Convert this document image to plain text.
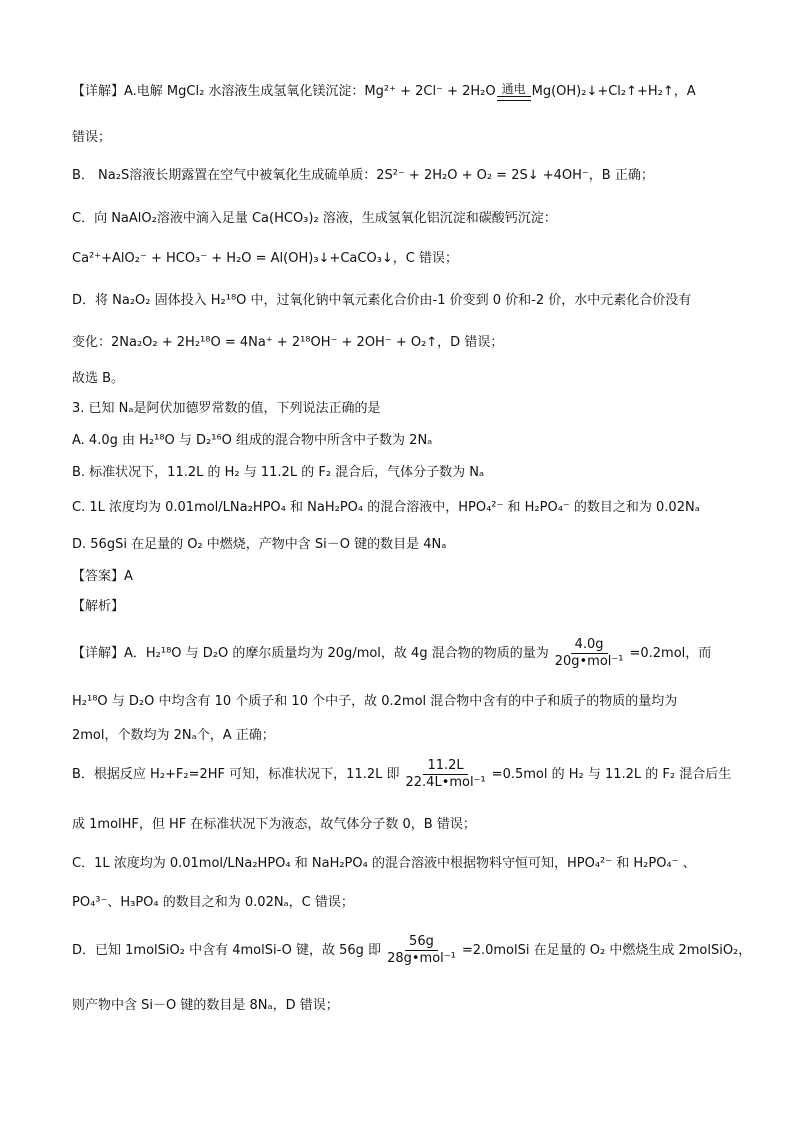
【详解】A.电解 MgCl₂ 水溶液生成氢氧化镁沉淀：Mg²⁺ + 2Cl⁻ + 2H₂O 通电 Mg(OH)₂↓+Cl₂↑+H₂↑，A
错误；
B． Na₂S溶液长期露置在空气中被氧化生成硫单质：2S²⁻ + 2H₂O + O₂ = 2S↓ +4OH⁻，B 正确；
C．向 NaAlO₂溶液中滴入足量 Ca(HCO₃)₂ 溶液，生成氢氧化铝沉淀和碳酸钙沉淀：
Ca²⁺+AlO₂⁻ + HCO₃⁻ + H₂O = Al(OH)₃↓+CaCO₃↓，C 错误；
D．将 Na₂O₂ 固体投入 H₂¹⁸O 中，过氧化钠中氧元素化合价由-1 价变到 0 价和-2 价，水中元素化合价没有
变化：2Na₂O₂ + 2H₂¹⁸O = 4Na⁺ + 2¹⁸OH⁻ + 2OH⁻ + O₂↑，D 错误；
故选 B。
3. 已知 Nₐ是阿伏加德罗常数的值，下列说法正确的是
A. 4.0g 由 H₂¹⁸O 与 D₂¹⁶O 组成的混合物中所含中子数为 2Nₐ
B. 标准状况下，11.2L 的 H₂ 与 11.2L 的 F₂ 混合后，气体分子数为 Nₐ
C. 1L 浓度均为 0.01mol/LNa₂HPO₄ 和 NaH₂PO₄ 的混合溶液中，HPO₄²⁻ 和 H₂PO₄⁻ 的数目之和为 0.02Nₐ
D. 56gSi 在足量的 O₂ 中燃烧，产物中含 Si－O 键的数目是 4Nₐ
【答案】A
【解析】
【详解】A．H₂¹⁸O 与 D₂O 的摩尔质量均为 20g/mol，故 4g 混合物的物质的量为 $\frac{4.0g}{\text{20g•mol⁻¹}} =0.2mol$，而
H₂¹⁸O 与 D₂O 中均含有 10 个质子和 10 个中子，故 0.2mol 混合物中含有的中子和质子的物质的量均为
2mol，个数均为 2Nₐ个，A 正确；
B．根据反应 H₂+F₂=2HF 可知，标准状况下，11.2L 即 $\frac{11.2L}{\text{22.4L•mol⁻¹}} =0.5mol$ 的 H₂ 与 11.2L 的 F₂ 混合后生
成 1molHF，但 HF 在标准状况下为液态，故气体分子数 0，B 错误；
C．1L 浓度均为 0.01mol/LNa₂HPO₄ 和 NaH₂PO₄ 的混合溶液中根据物料守恒可知，HPO₄²⁻ 和 H₂PO₄⁻ 、
PO₄³⁻、H₃PO₄ 的数目之和为 0.02Nₐ，C 错误；
D．已知 1molSiO₂ 中含有 4molSi-O 键，故 56g 即 $\frac{56g}{\text{28g•mol⁻¹}}$ =2.0molSi 在足量的 O₂ 中燃烧生成 2molSiO₂，
则产物中含 Si－O 键的数目是 8Nₐ，D 错误；
